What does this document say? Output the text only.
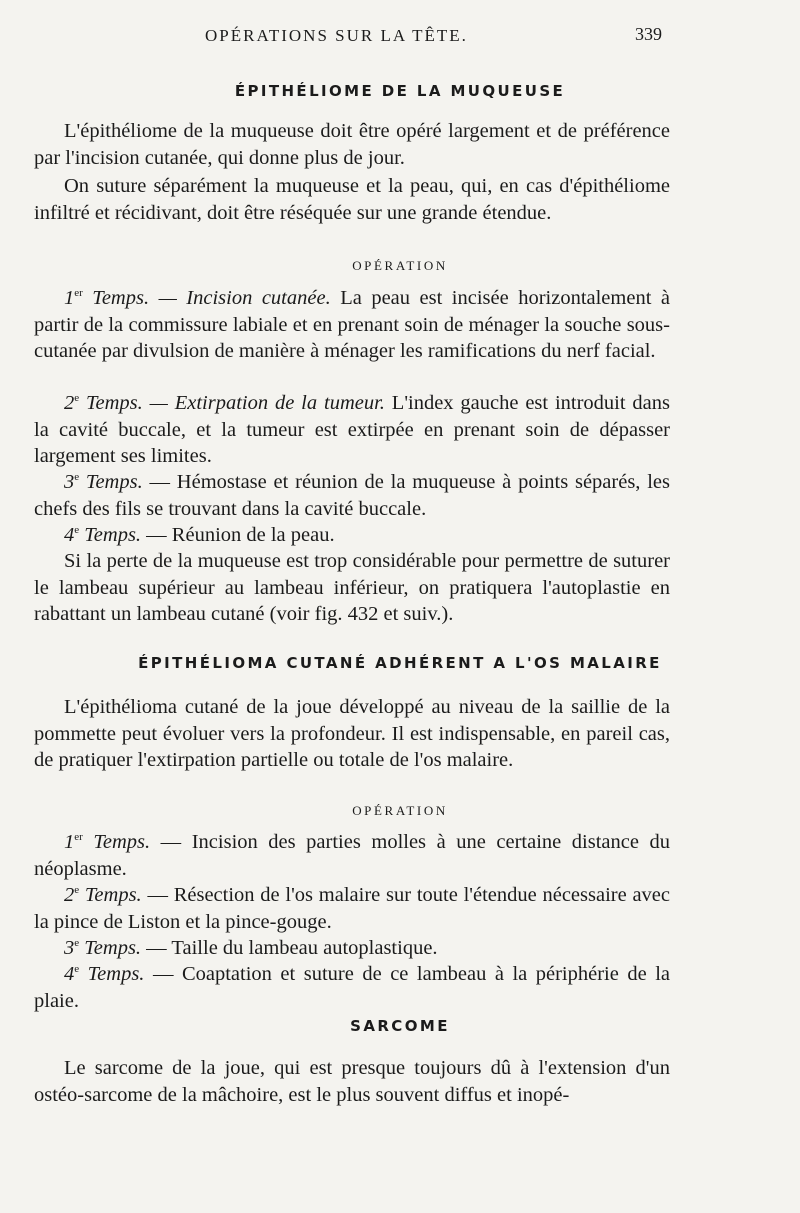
OPÉRATIONS SUR LA TÊTE.	339
ÉPITHÉLIOME DE LA MUQUEUSE

L'épithéliome de la muqueuse doit être opéré largement et de préférence par l'incision cutanée, qui donne plus de jour.

On suture séparément la muqueuse et la peau, qui, en cas d'épithéliome infiltré et récidivant, doit être réséquée sur une grande étendue.

OPÉRATION

1er Temps. — Incision cutanée. La peau est incisée horizontalement à partir de la commissure labiale et en prenant soin de ménager la souche sous-cutanée par divulsion de manière à ménager les ramifications du nerf facial.

2e Temps. — Extirpation de la tumeur. L'index gauche est introduit dans la cavité buccale, et la tumeur est extirpée en prenant soin de dépasser largement ses limites.

3e Temps. — Hémostase et réunion de la muqueuse à points séparés, les chefs des fils se trouvant dans la cavité buccale.

4e Temps. — Réunion de la peau.

Si la perte de la muqueuse est trop considérable pour permettre de suturer le lambeau supérieur au lambeau inférieur, on pratiquera l'autoplastie en rabattant un lambeau cutané (voir fig. 432 et suiv.).

ÉPITHÉLIOMA CUTANÉ ADHÉRENT A L'OS MALAIRE

L'épithélioma cutané de la joue développé au niveau de la saillie de la pommette peut évoluer vers la profondeur. Il est indispensable, en pareil cas, de pratiquer l'extirpation partielle ou totale de l'os malaire.

OPÉRATION

1er Temps. — Incision des parties molles à une certaine distance du néoplasme.

2e Temps. — Résection de l'os malaire sur toute l'étendue nécessaire avec la pince de Liston et la pince-gouge.

3e Temps. — Taille du lambeau autoplastique.

4e Temps. — Coaptation et suture de ce lambeau à la périphérie de la plaie.

SARCOME

Le sarcome de la joue, qui est presque toujours dû à l'extension d'un ostéo-sarcome de la mâchoire, est le plus souvent diffus et inopé-
